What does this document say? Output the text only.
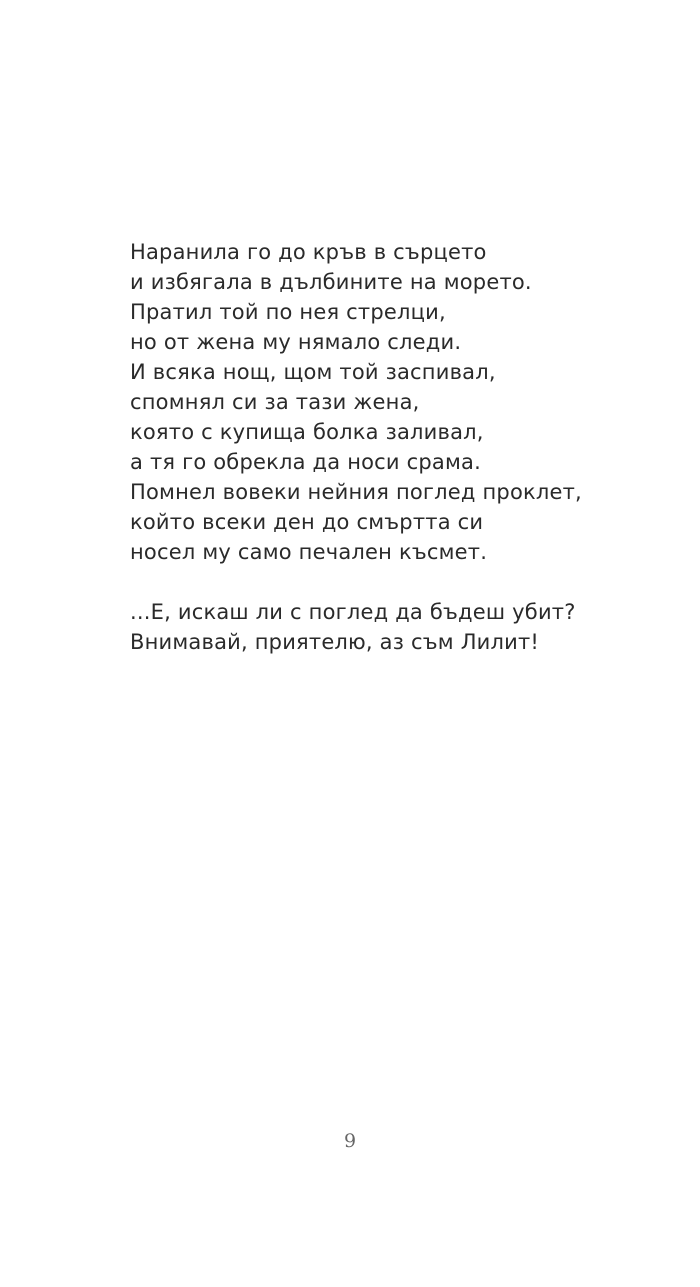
Наранила го до кръв в сърцето
и избягала в дълбините на морето.
Пратил той по нея стрелци,
но от жена му нямало следи.
И всяка нощ, щом той заспивал,
спомнял си за тази жена,
която с купища болка заливал,
а тя го обрекла да носи срама.
Помнел вовеки нейния поглед проклет,
който всеки ден до смъртта си
носел му само печален късмет.
...Е, искаш ли с поглед да бъдеш убит?
Внимавай, приятелю, аз съм Лилит!
9
